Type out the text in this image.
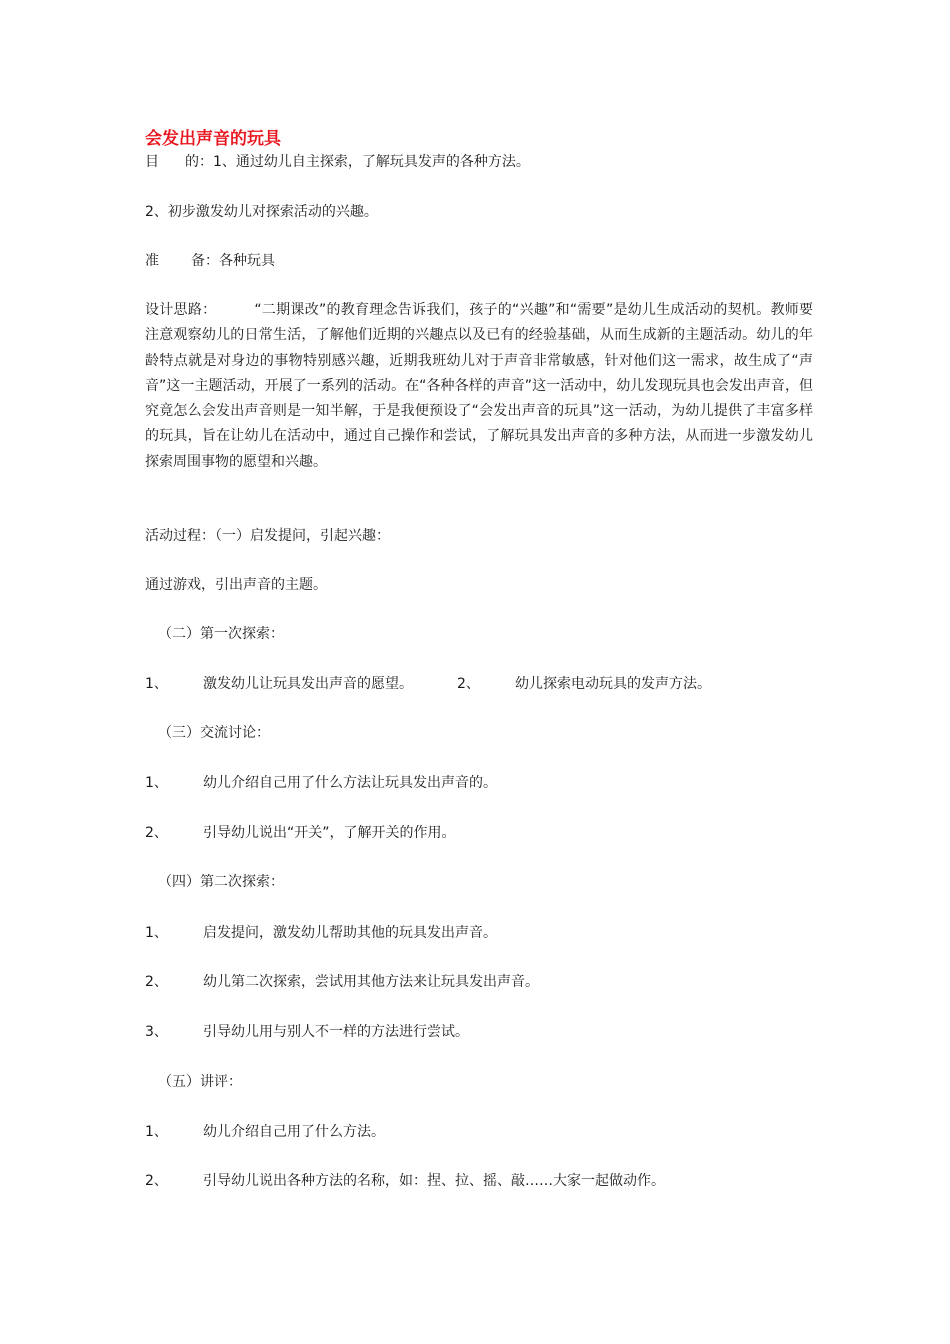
会发出声音的玩具

目 的：1、通过幼儿自主探索，了解玩具发声的各种方法。

2、初步激发幼儿对探索活动的兴趣。

准 备：各种玩具

设计思路：	“二期课改”的教育理念告诉我们，孩子的“兴趣”和“需要”是幼儿生成活动的契机。教师要注意观察幼儿的日常生活，了解他们近期的兴趣点以及已有的经验基础，从而生成新的主题活动。幼儿的年龄特点就是对身边的事物特别感兴趣，近期我班幼儿对于声音非常敏感，针对他们这一需求，故生成了“声音”这一主题活动，开展了一系列的活动。在“各种各样的声音”这一活动中，幼儿发现玩具也会发出声音，但究竟怎么会发出声音则是一知半解，于是我便预设了“会发出声音的玩具”这一活动，为幼儿提供了丰富多样的玩具，旨在让幼儿在活动中，通过自己操作和尝试，了解玩具发出声音的多种方法，从而进一步激发幼儿探索周围事物的愿望和兴趣。

活动过程：（一）启发提问，引起兴趣：

通过游戏，引出声音的主题。

（二）第一次探索：

1、	激发幼儿让玩具发出声音的愿望。	2、	幼儿探索电动玩具的发声方法。

（三）交流讨论：

1、	幼儿介绍自己用了什么方法让玩具发出声音的。

2、	引导幼儿说出“开关”，了解开关的作用。

（四）第二次探索：

1、	启发提问，激发幼儿帮助其他的玩具发出声音。

2、	幼儿第二次探索，尝试用其他方法来让玩具发出声音。

3、	引导幼儿用与别人不一样的方法进行尝试。

（五）讲评：

1、	幼儿介绍自己用了什么方法。

2、	引导幼儿说出各种方法的名称，如：捏、拉、摇、敲……大家一起做动作。
